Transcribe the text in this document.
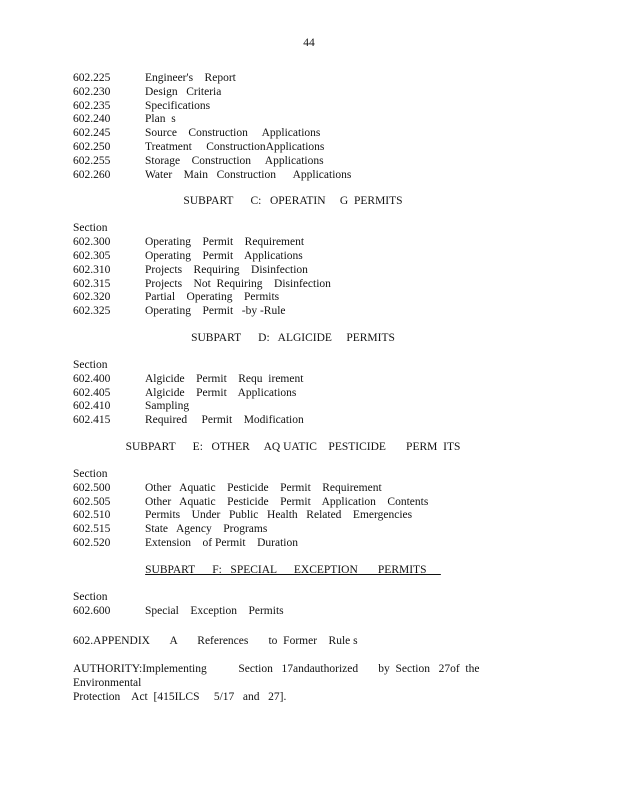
44
602.225	Engineer's    Report
602.230	Design   Criteria
602.235	Specifications
602.240	Plan  s
602.245	Source    Construction     Applications
602.250	Treatment     ConstructionApplications
602.255	Storage    Construction     Applications
602.260	Water    Main   Construction      Applications
SUBPART      C:   OPERATIN     G  PERMITS
Section
602.300	Operating    Permit    Requirement
602.305	Operating    Permit    Applications
602.310	Projects    Requiring    Disinfection
602.315	Projects    Not  Requiring    Disinfection
602.320	Partial    Operating    Permits
602.325	Operating    Permit   -by -Rule
SUBPART      D:   ALGICIDE     PERMITS
Section
602.400	Algicide    Permit    Requ  irement
602.405	Algicide    Permit    Applications
602.410	Sampling
602.415	Required     Permit    Modification
SUBPART      E:   OTHER     AQ UATIC    PESTICIDE       PERM  ITS
Section
602.500	Other   Aquatic    Pesticide    Permit    Requirement
602.505	Other   Aquatic    Pesticide    Permit    Application    Contents
602.510	Permits    Under   Public   Health   Related    Emergencies
602.515	State   Agency    Programs
602.520	Extension    of Permit    Duration
SUBPART      F:   SPECIAL      EXCEPTION       PERMITS
Section
602.600	Special    Exception    Permits
602.APPENDIX       A       References       to  Former    Rule s
AUTHORITY:Implementing           Section   17andauthorized       by  Section   27of  the  Environmental
Protection    Act  [415ILCS     5/17   and   27].
